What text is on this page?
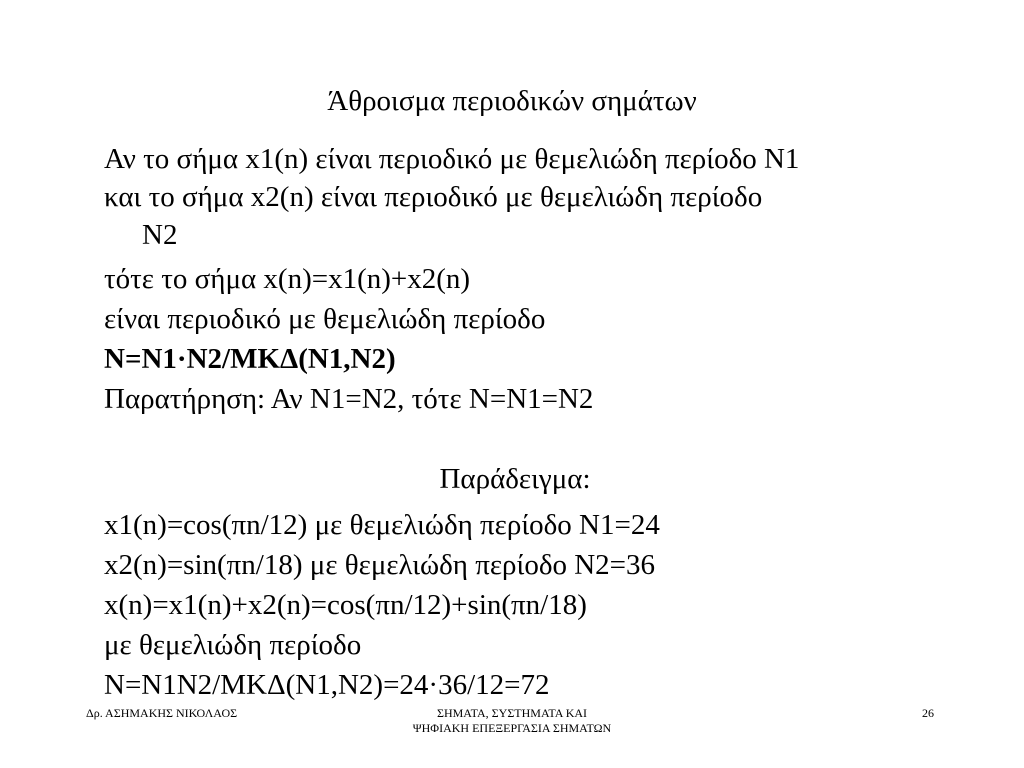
Άθροισμα περιοδικών σημάτων
Αν το σήμα x1(n) είναι περιοδικό με θεμελιώδη περίοδο Ν1
και το σήμα x2(n) είναι περιοδικό με θεμελιώδη περίοδο
Ν2
τότε το σήμα x(n)=x1(n)+x2(n)
είναι περιοδικό με θεμελιώδη περίοδο
Ν=Ν1·Ν2/ΜΚΔ(Ν1,Ν2)
Παρατήρηση: Αν Ν1=Ν2, τότε Ν=Ν1=Ν2
Παράδειγμα:
x1(n)=cos(πn/12) με θεμελιώδη περίοδο Ν1=24
x2(n)=sin(πn/18) με θεμελιώδη περίοδο Ν2=36
x(n)=x1(n)+x2(n)=cos(πn/12)+sin(πn/18)
με θεμελιώδη περίοδο
Ν=Ν1Ν2/ΜΚΔ(Ν1,Ν2)=24·36/12=72
Δρ. ΑΣΗΜΑΚΗΣ ΝΙΚΟΛΑΟΣ	ΣΗΜΑΤΑ, ΣΥΣΤΗΜΑΤΑ ΚΑΙ
ΨΗΦΙΑΚΗ ΕΠΕΞΕΡΓΑΣΙΑ ΣΗΜΑΤΩΝ
26
